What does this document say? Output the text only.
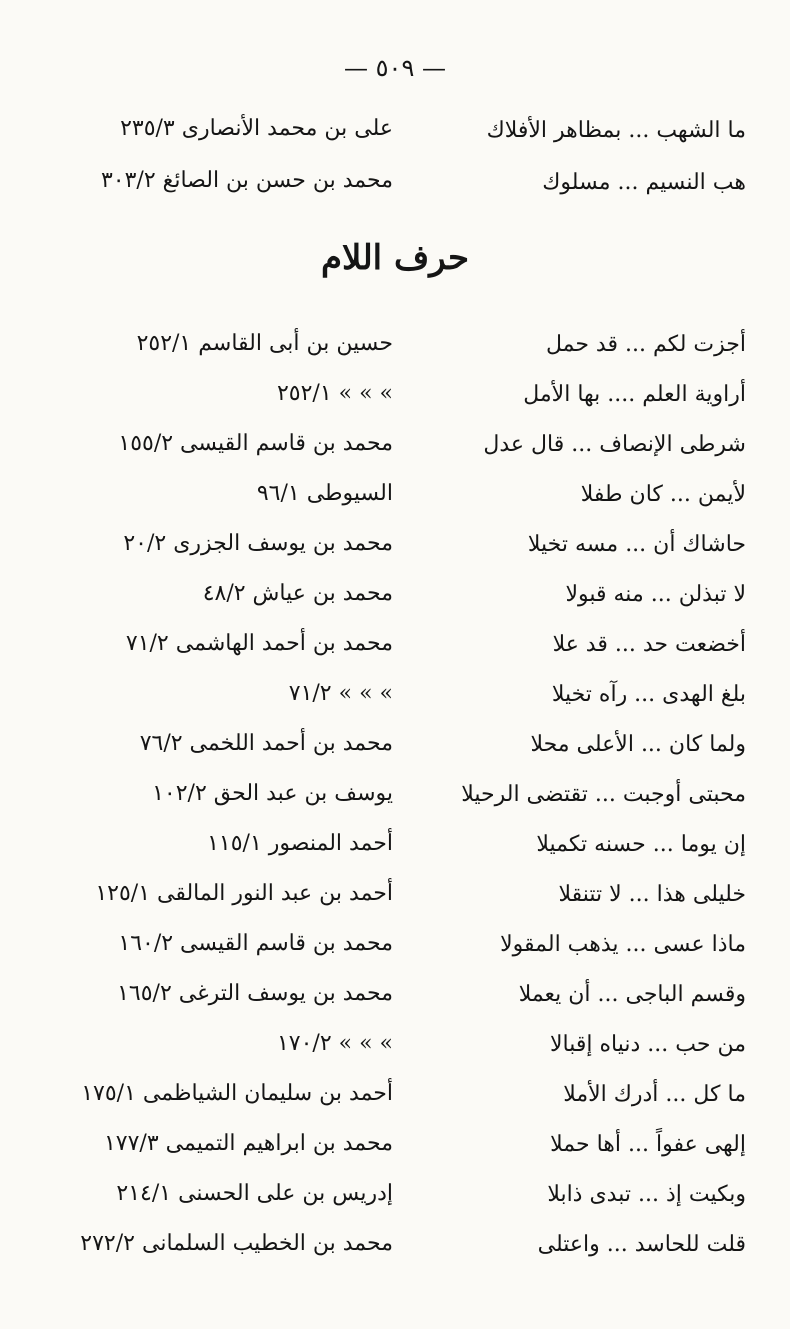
— ٥٠٩ —
ما الشهب ... بمظاهر الأفلاك
على بن محمد الأنصارى ٢٣٥/٣
هب النسيم ... مسلوك
محمد بن حسن بن الصائغ ٣٠٣/٢
حرف اللام
أجزت لكم ... قد حمل
حسين بن أبى القاسم ٢٥٢/١
أراوية العلم .... بها الأمل
» » » ٢٥٢/١
شرطى الإنصاف ... قال عدل
محمد بن قاسم القيسى ١٥٥/٢
لأيمن ... كان طفلا
السيوطى ٩٦/١
حاشاك أن ... مسه تخيلا
محمد بن يوسف الجزرى ٢٠/٢
لا تبذلن ... منه قبولا
محمد بن عياش ٤٨/٢
أخضعت حد ... قد علا
محمد بن أحمد الهاشمى ٧١/٢
بلغ الهدى ... رآه تخيلا
» » » ٧١/٢
ولما كان ... الأعلى محلا
محمد بن أحمد اللخمى ٧٦/٢
محبتى أوجبت ... تقتضى الرحيلا
يوسف بن عبد الحق ١٠٢/٢
إن يوما ... حسنه تكميلا
أحمد المنصور ١١٥/١
خليلى هذا ... لا تتنقلا
أحمد بن عبد النور المالقى ١٢٥/١
ماذا عسى ... يذهب المقولا
محمد بن قاسم القيسى ١٦٠/٢
وقسم الباجى ... أن يعملا
محمد بن يوسف الترغى ١٦٥/٢
من حب ... دنياه إقبالا
» » » ١٧٠/٢
ما كل ... أدرك الأملا
أحمد بن سليمان الشياظمى ١٧٥/١
إلهى عفواً ... أها حملا
محمد بن ابراهيم التميمى ١٧٧/٣
وبكيت إذ ... تبدى ذابلا
إدريس بن على الحسنى ٢١٤/١
قلت للحاسد ... واعتلى
محمد بن الخطيب السلمانى ٢٧٢/٢
